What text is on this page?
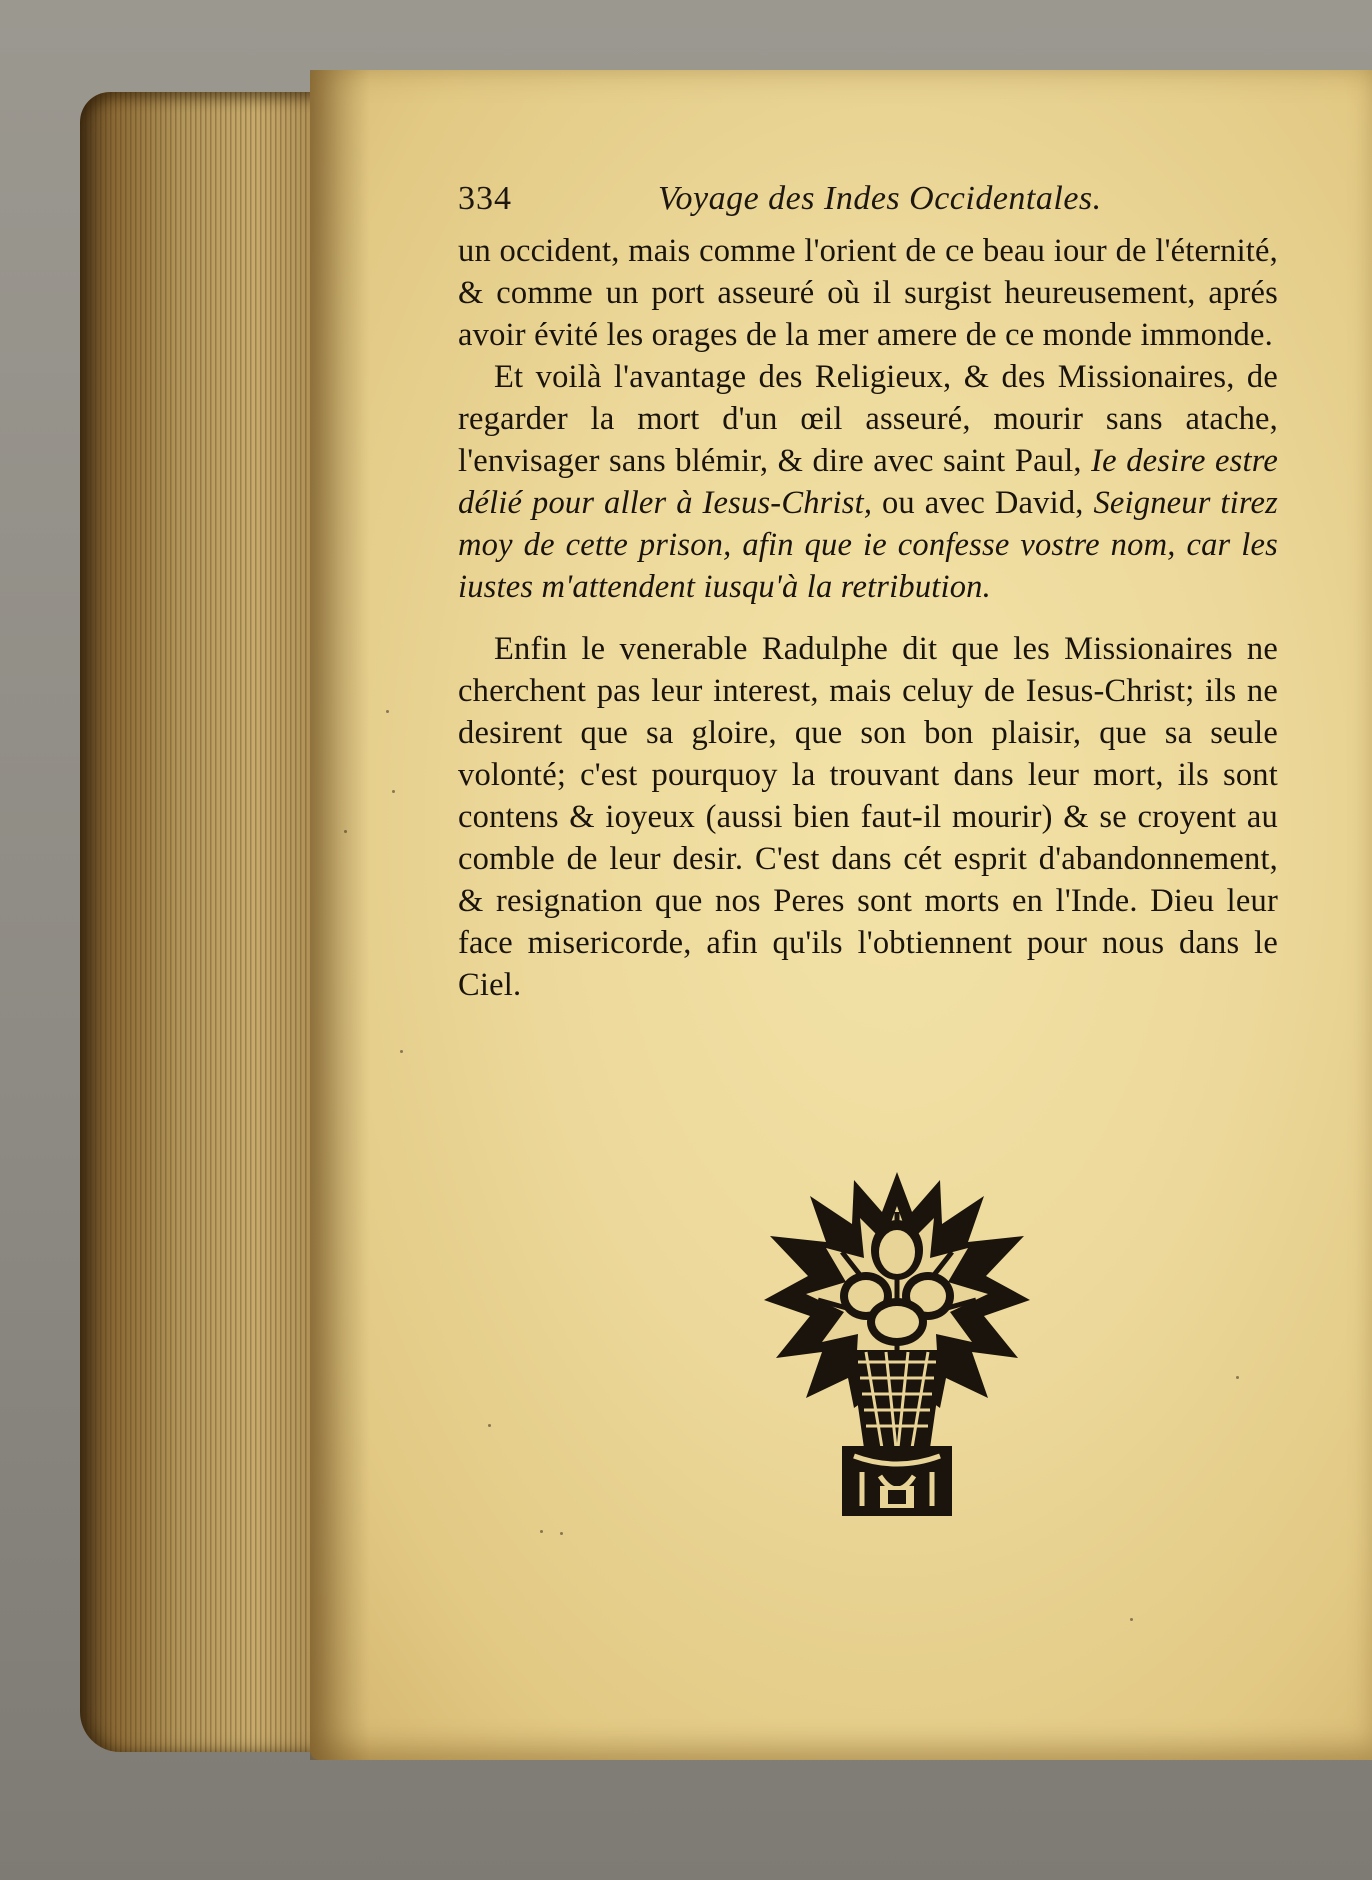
334	Voyage des Indes Occidentales.

un occident, mais comme l'orient de ce beau iour de l'éternité, & comme un port asseuré où il surgist heureusement, aprés avoir évité les orages de la mer amere de ce monde immonde.

Et voilà l'avantage des Religieux, & des Missionaires, de regarder la mort d'un œil asseuré, mourir sans atache, l'envisager sans blémir, & dire avec saint Paul, Ie desire estre délié pour aller à Iesus-Christ, ou avec David, Seigneur tirez moy de cette prison, afin que ie confesse vostre nom, car les iustes m'attendent iusqu'à la retribution.

Enfin le venerable Radulphe dit que les Missionaires ne cherchent pas leur interest, mais celuy de Iesus-Christ; ils ne desirent que sa gloire, que son bon plaisir, que sa seule volonté; c'est pourquoy la trouvant dans leur mort, ils sont contens & ioyeux (aussi bien faut-il mourir) & se croyent au comble de leur desir. C'est dans cét esprit d'abandonnement, & resignation que nos Peres sont morts en l'Inde. Dieu leur face misericorde, afin qu'ils l'obtiennent pour nous dans le Ciel.
